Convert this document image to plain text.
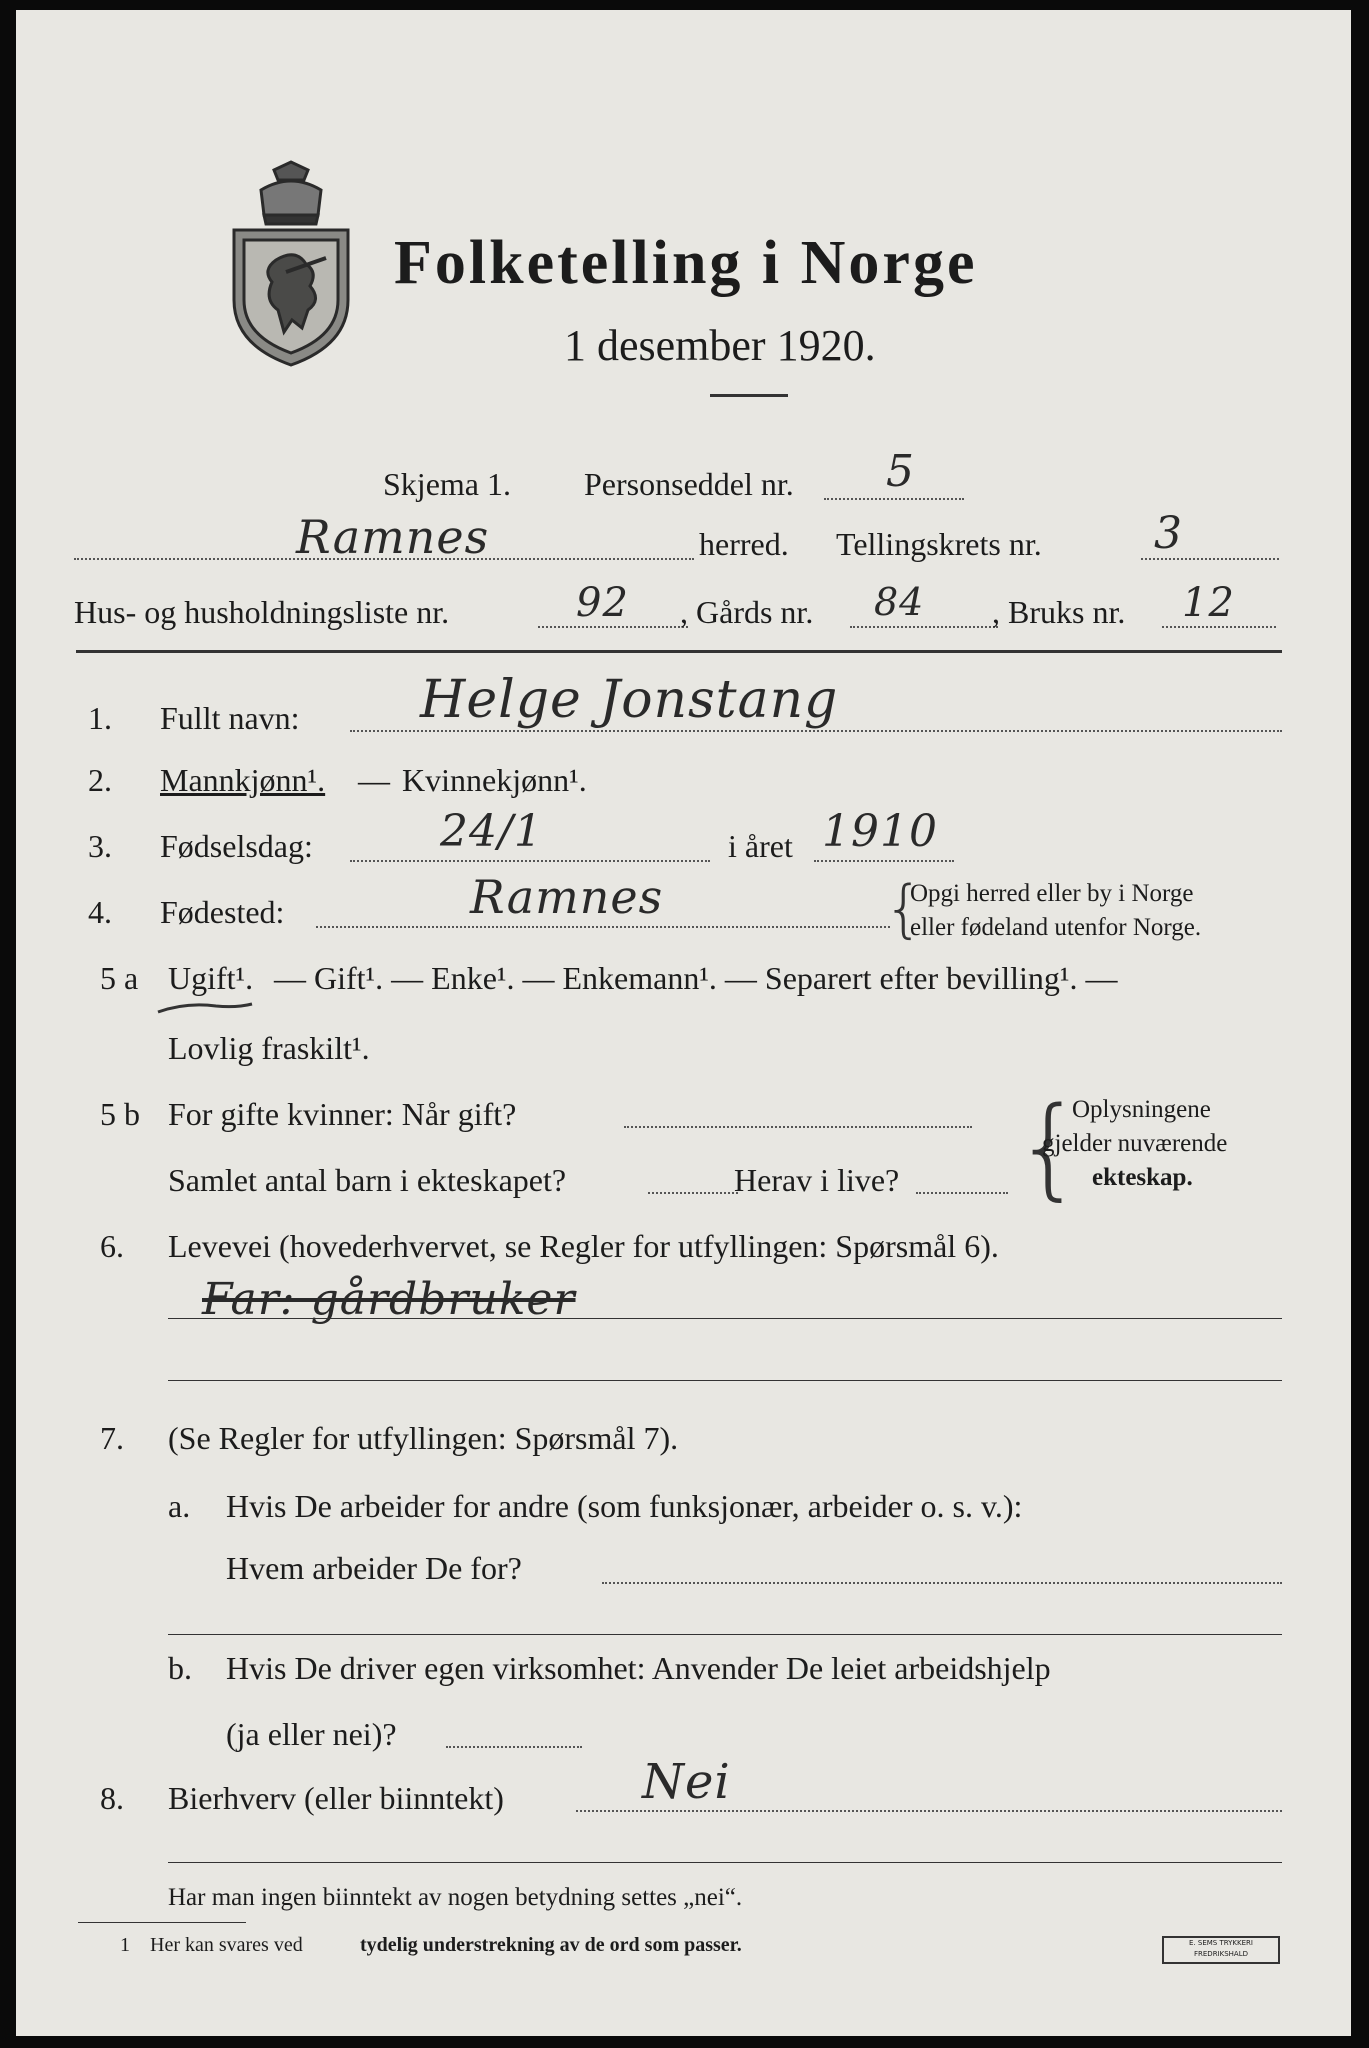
Folketelling i Norge
1 desember 1920.
Skjema 1. Personseddel nr. 5
Ramnes	herred. Tellingskrets nr.	3
Hus- og husholdningsliste nr.	92 , Gårds nr. 84 , Bruks nr. 12
1. Fullt navn: Helge Jonstang
2. Mannkjønn¹. — Kvinnekjønn¹.
3. Fødselsdag:	24/1	i året 1910
4. Fødested:	Ramnes	{
Opgi herred eller by i Norge
eller fødeland utenfor Norge.
5 a Ugift¹. — Gift¹. — Enke¹. — Enkemann¹. — Separert efter bevilling¹. —
Lovlig fraskilt¹.
5 b For gifte kvinner: Når gift?
Samlet antal barn i ekteskapet?	Herav i live? {
Oplysningene
gjelder nuværende
ekteskap.
6. Levevei (hovederhvervet, se Regler for utfyllingen: Spørsmål 6).
Far: gårdbruker
7. (Se Regler for utfyllingen: Spørsmål 7).
a. Hvis De arbeider for andre (som funksjonær, arbeider o. s. v.):
Hvem arbeider De for?
b. Hvis De driver egen virksomhet: Anvender De leiet arbeidshjelp
(ja eller nei)?
8. Bierhverv (eller biinntekt)	Nei
Har man ingen biinntekt av nogen betydning settes „nei“.
1 Her kan svares ved	tydelig understrekning av de ord som passer.	E. SEMS TRYKKERI FREDRIKSHALD
